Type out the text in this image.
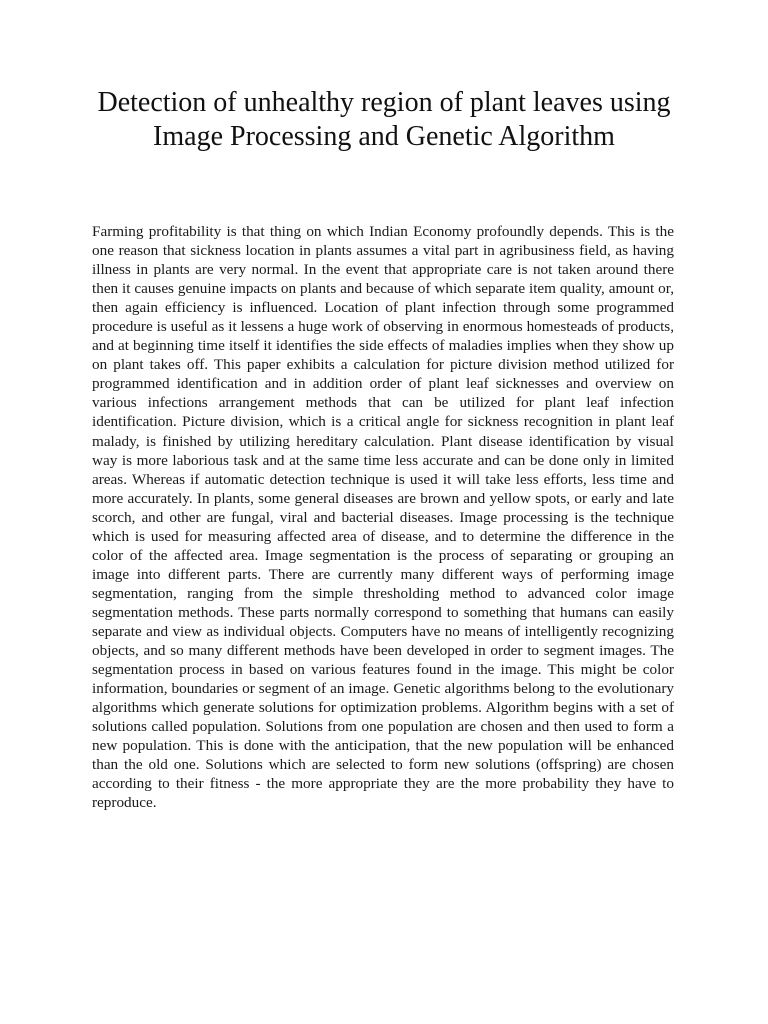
Detection of unhealthy region of plant leaves using Image Processing and Genetic Algorithm

Farming profitability is that thing on which Indian Economy profoundly depends. This is the one reason that sickness location in plants assumes a vital part in agribusiness field, as having illness in plants are very normal. In the event that appropriate care is not taken around there then it causes genuine impacts on plants and because of which separate item quality, amount or, then again efficiency is influenced. Location of plant infection through some programmed procedure is useful as it lessens a huge work of observing in enormous homesteads of products, and at beginning time itself it identifies the side effects of maladies implies when they show up on plant takes off. This paper exhibits a calculation for picture division method utilized for programmed identification and in addition order of plant leaf sicknesses and overview on various infections arrangement methods that can be utilized for plant leaf infection identification. Picture division, which is a critical angle for sickness recognition in plant leaf malady, is finished by utilizing hereditary calculation. Plant disease identification by visual way is more laborious task and at the same time less accurate and can be done only in limited areas. Whereas if automatic detection technique is used it will take less efforts, less time and more accurately. In plants, some general diseases are brown and yellow spots, or early and late scorch, and other are fungal, viral and bacterial diseases. Image processing is the technique which is used for measuring affected area of disease, and to determine the difference in the color of the affected area. Image segmentation is the process of separating or grouping an image into different parts. There are currently many different ways of performing image segmentation, ranging from the simple thresholding method to advanced color image segmentation methods. These parts normally correspond to something that humans can easily separate and view as individual objects. Computers have no means of intelligently recognizing objects, and so many different methods have been developed in order to segment images. The segmentation process in based on various features found in the image. This might be color information, boundaries or segment of an image. Genetic algorithms belong to the evolutionary algorithms which generate solutions for optimization problems. Algorithm begins with a set of solutions called population. Solutions from one population are chosen and then used to form a new population. This is done with the anticipation, that the new population will be enhanced than the old one. Solutions which are selected to form new solutions (offspring) are chosen according to their fitness - the more appropriate they are the more probability they have to reproduce.
